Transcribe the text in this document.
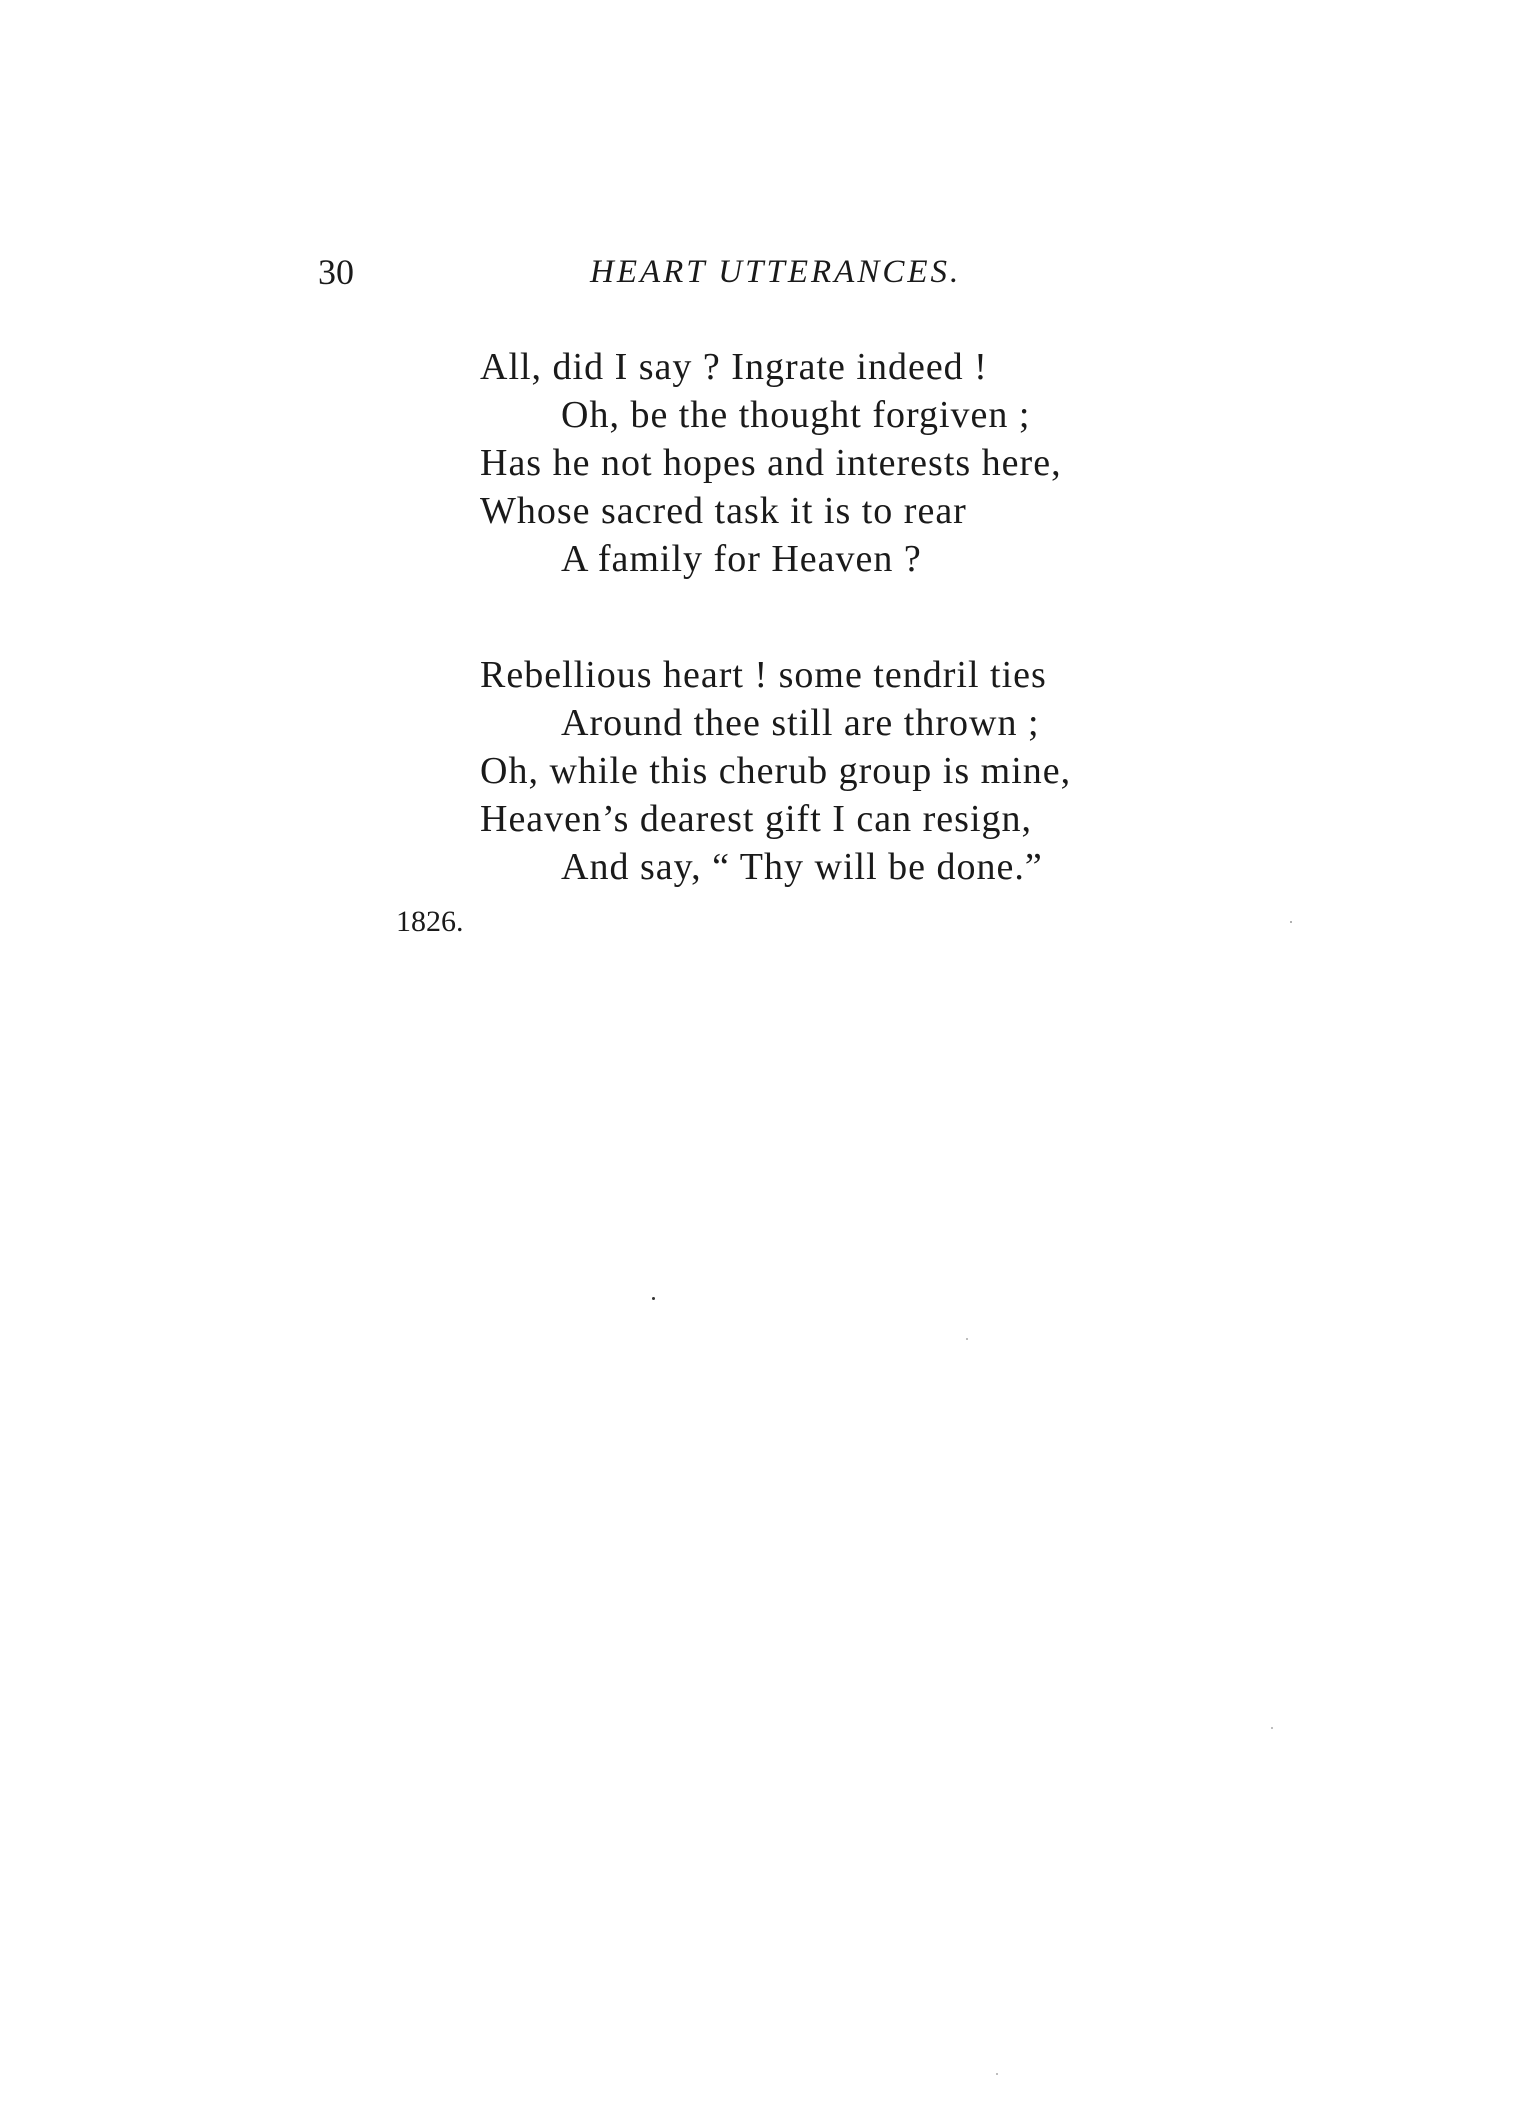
30	HEART UTTERANCES.
All, did I say ? Ingrate indeed !
Oh, be the thought forgiven ;
Has he not hopes and interests here,
Whose sacred task it is to rear
A family for Heaven ?
Rebellious heart ! some tendril ties
Around thee still are thrown ;
Oh, while this cherub group is mine,
Heaven’s dearest gift I can resign,
And say, “ Thy will be done.”
1826.
